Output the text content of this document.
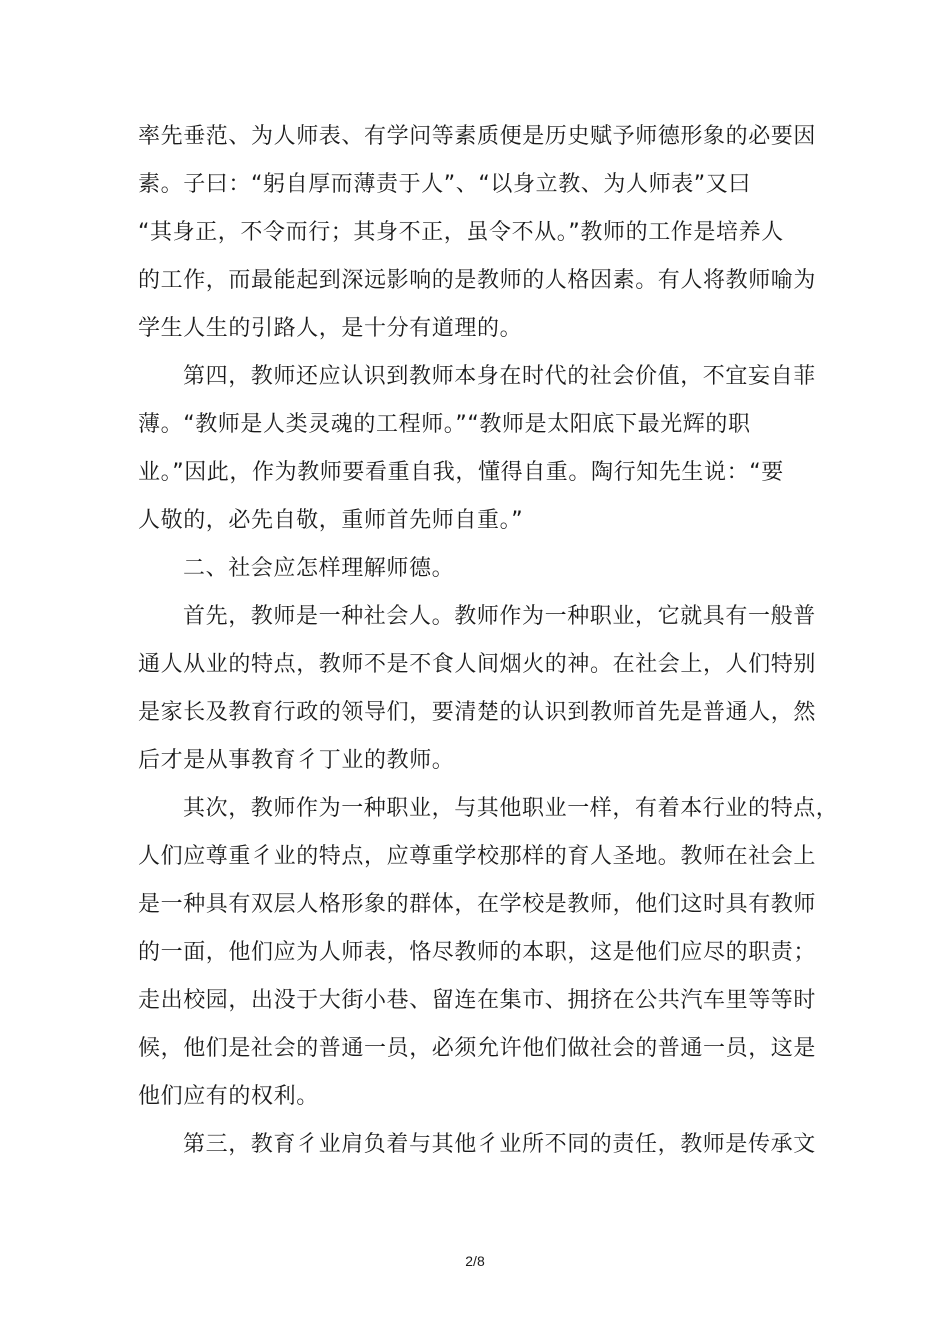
率先垂范、为人师表、有学问等素质便是历史赋予师德形象的必要因
素。子曰：“躬自厚而薄责于人”、“以身立教、为人师表”又曰
“其身正，不令而行；其身不正，虽令不从。”教师的工作是培养人
的工作，而最能起到深远影响的是教师的人格因素。有人将教师喻为
学生人生的引路人，是十分有道理的。

第四，教师还应认识到教师本身在时代的社会价值，不宜妄自菲
薄。“教师是人类灵魂的工程师。”“教师是太阳底下最光辉的职
业。”因此，作为教师要看重自我，懂得自重。陶行知先生说：“要
人敬的，必先自敬，重师首先师自重。”

二、社会应怎样理解师德。

首先，教师是一种社会人。教师作为一种职业，它就具有一般普
通人从业的特点，教师不是不食人间烟火的神。在社会上，人们特别
是家长及教育行政的领导们，要清楚的认识到教师首先是普通人，然
后才是从事教育彳丁业的教师。

其次，教师作为一种职业，与其他职业一样，有着本行业的特点，
人们应尊重彳业的特点，应尊重学校那样的育人圣地。教师在社会上
是一种具有双层人格形象的群体，在学校是教师，他们这时具有教师
的一面，他们应为人师表，恪尽教师的本职，这是他们应尽的职责；
走出校园，出没于大街小巷、留连在集市、拥挤在公共汽车里等等时
候，他们是社会的普通一员，必须允许他们做社会的普通一员，这是
他们应有的权利。

第三，教育彳业肩负着与其他彳业所不同的责任，教师是传承文

2/8
